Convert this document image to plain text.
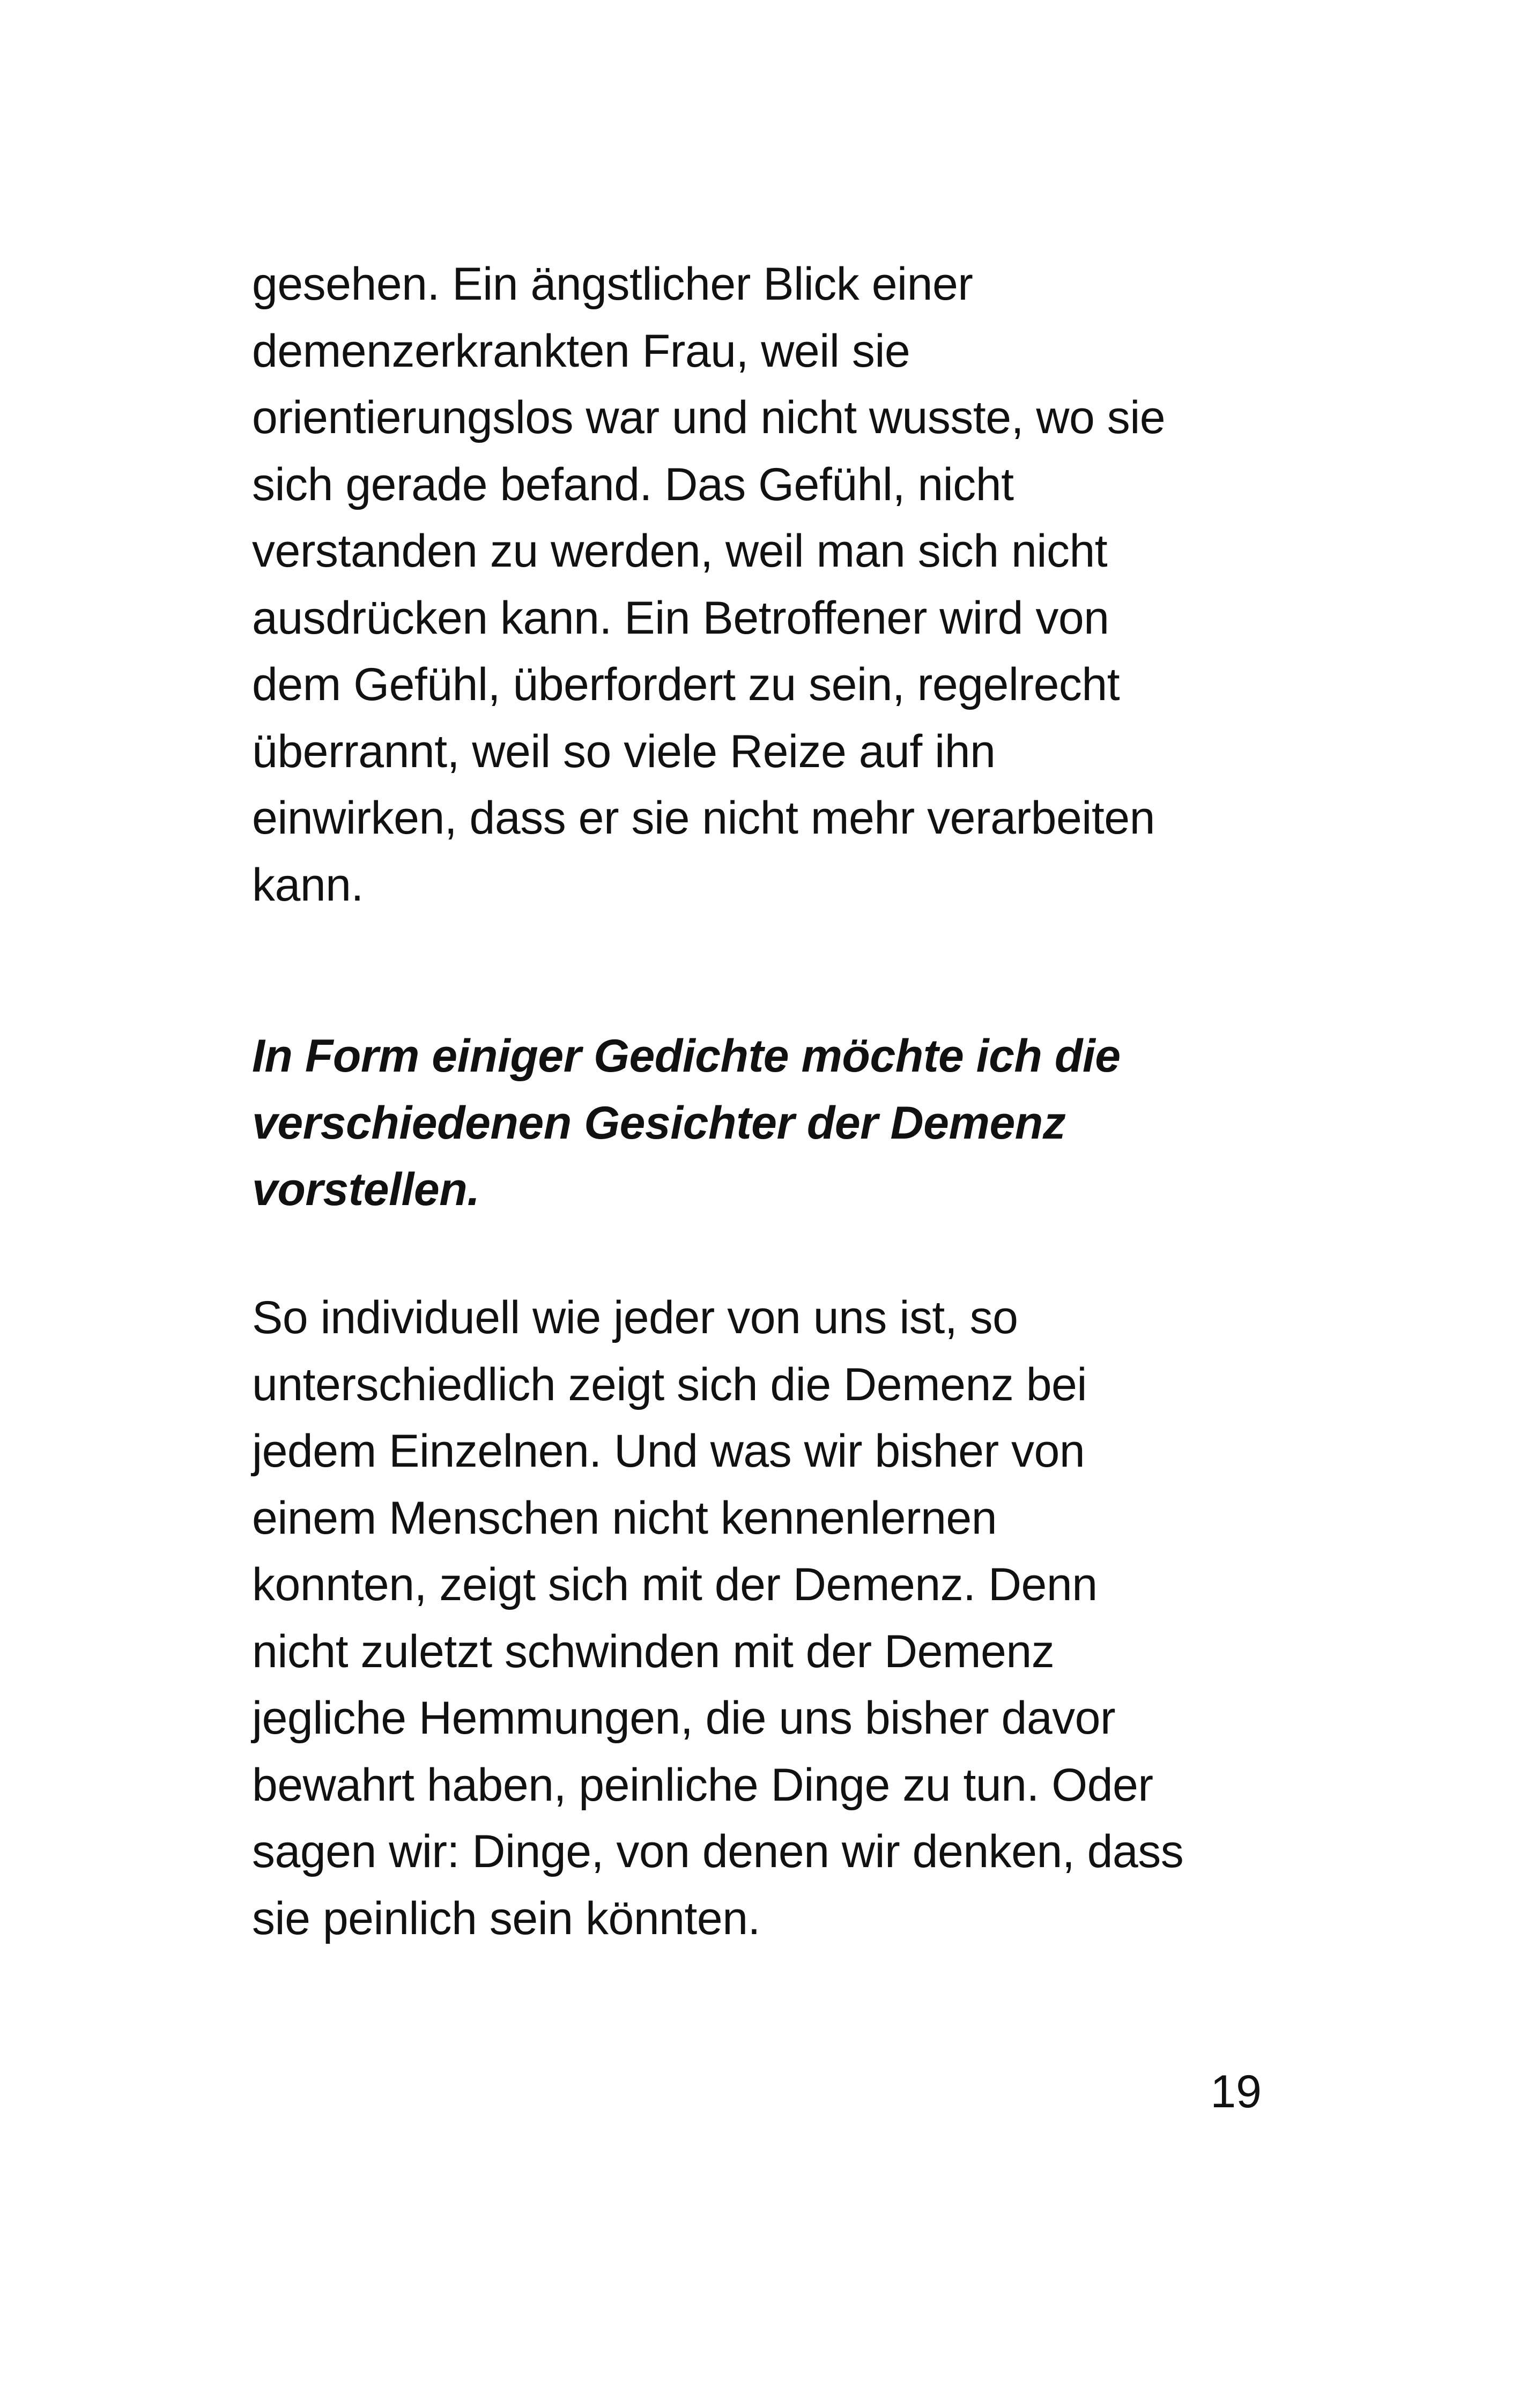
gesehen. Ein ängstlicher Blick einer
demenzerkrankten Frau, weil sie
orientierungslos war und nicht wusste, wo sie
sich gerade befand. Das Gefühl, nicht
verstanden zu werden, weil man sich nicht
ausdrücken kann. Ein Betroffener wird von
dem Gefühl, überfordert zu sein, regelrecht
überrannt, weil so viele Reize auf ihn
einwirken, dass er sie nicht mehr verarbeiten
kann.

In Form einiger Gedichte möchte ich die
verschiedenen Gesichter der Demenz
vorstellen.

So individuell wie jeder von uns ist, so
unterschiedlich zeigt sich die Demenz bei
jedem Einzelnen. Und was wir bisher von
einem Menschen nicht kennenlernen
konnten, zeigt sich mit der Demenz. Denn
nicht zuletzt schwinden mit der Demenz
jegliche Hemmungen, die uns bisher davor
bewahrt haben, peinliche Dinge zu tun. Oder
sagen wir: Dinge, von denen wir denken, dass
sie peinlich sein könnten.

19
